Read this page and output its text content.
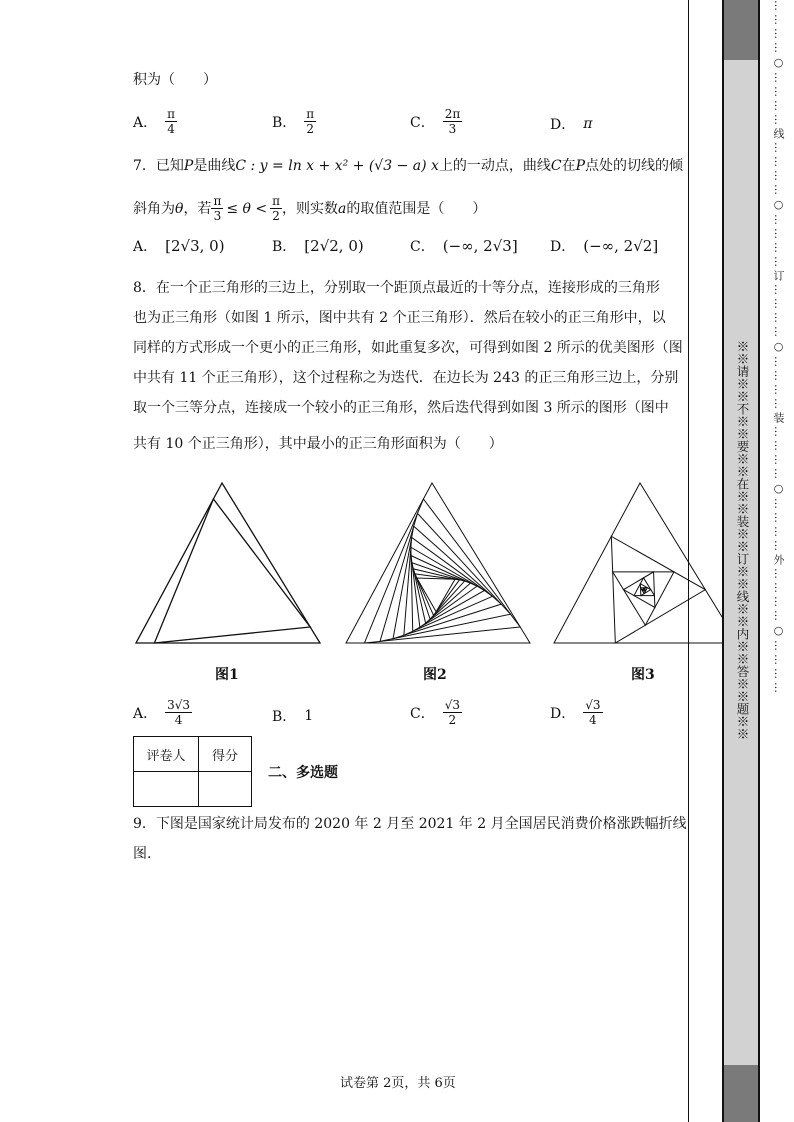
积为（　　）
A． $\frac{\pi}{4}$	B． $\frac{\pi}{2}$	C． $\frac{2\pi}{3}$	D． π
7．已知P是曲线C : y = ln x + x² + (√3 − a) x上的一动点，曲线C在P点处的切线的倾
斜角为 θ ，若 $\frac{\pi}{3} \le \theta < \frac{\pi}{2}$ ，则实数 a 的取值范围是（　　）
A． [2√3, 0)	B． [2√2, 0)	C． (−∞, 2√3] D． (−∞, 2√2]
8．在一个正三角形的三边上，分别取一个距顶点最近的十等分点，连接形成的三角形
也为正三角形（如图 1 所示，图中共有 2 个正三角形）．然后在较小的正三角形中，以
同样的方式形成一个更小的正三角形，如此重复多次，可得到如图 2 所示的优美图形（图
中共有 11 个正三角形），这个过程称之为迭代．在边长为 243 的正三角形三边上，分别
取一个三等分点，连接成一个较小的正三角形，然后迭代得到如图 3 所示的图形（图中
共有 10 个正三角形），其中最小的正三角形面积为（　　）
图1	图2	图3
A． $\frac{3√3}{4}$	B． 1	C． $\frac{√3}{2}$	D． $\frac{√3}{4}$
评卷人	得分

二、多选题
9．下图是国家统计局发布的 2020 年 2 月至 2021 年 2 月全国居民消费价格涨跌幅折线
图.
试卷第 2页，共 6页
※※请※※不※※要※※在※※装※※订※※线※※内※※答※※题※※ …………○…………线…………○…………订…………○…………装…………○…………外…………○…………
